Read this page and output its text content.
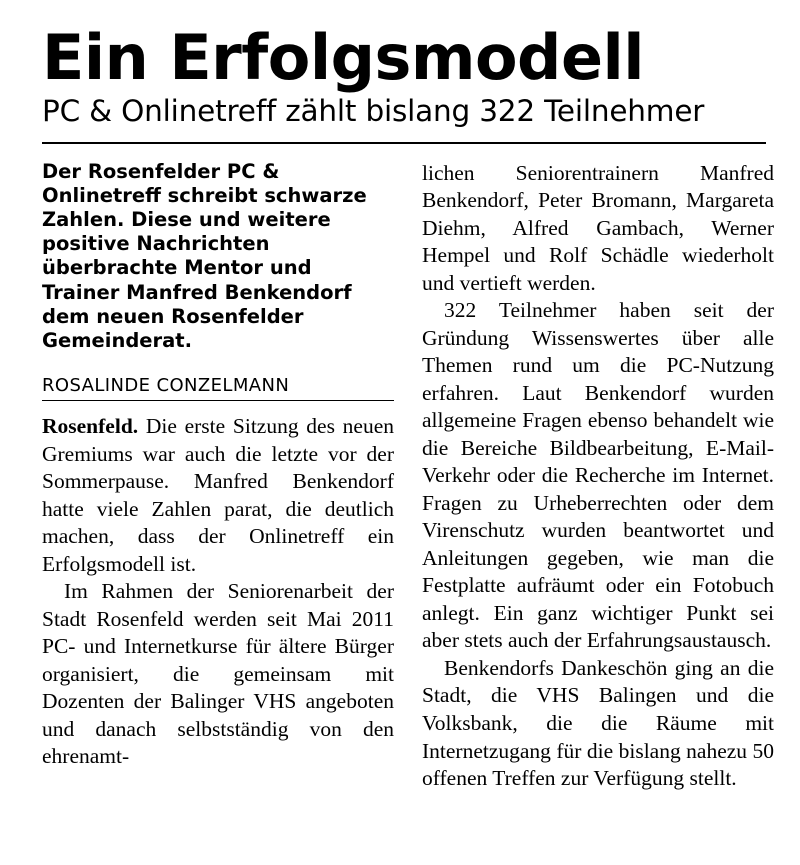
Ein Erfolgsmodell
PC & Onlinetreff zählt bislang 322 Teilnehmer

Der Rosenfelder PC & Onlinetreff schreibt schwarze Zahlen. Diese und weitere positive Nachrichten überbrachte Mentor und Trainer Manfred Benkendorf dem neuen Rosenfelder Gemeinderat.

ROSALINDE CONZELMANN

Rosenfeld. Die erste Sitzung des neuen Gremiums war auch die letzte vor der Sommerpause. Manfred Benkendorf hatte viele Zahlen parat, die deutlich machen, dass der Onlinetreff ein Erfolgsmodell ist.

Im Rahmen der Seniorenarbeit der Stadt Rosenfeld werden seit Mai 2011 PC- und Internetkurse für ältere Bürger organisiert, die gemeinsam mit Dozenten der Balinger VHS angeboten und danach selbstständig von den ehrenamt-

lichen Seniorentrainern Manfred Benkendorf, Peter Bromann, Margareta Diehm, Alfred Gambach, Werner Hempel und Rolf Schädle wiederholt und vertieft werden.

322 Teilnehmer haben seit der Gründung Wissenswertes über alle Themen rund um die PC-Nutzung erfahren. Laut Benkendorf wurden allgemeine Fragen ebenso behandelt wie die Bereiche Bildbearbeitung, E-Mail-Verkehr oder die Recherche im Internet. Fragen zu Urheberrechten oder dem Virenschutz wurden beantwortet und Anleitungen gegeben, wie man die Festplatte aufräumt oder ein Fotobuch anlegt. Ein ganz wichtiger Punkt sei aber stets auch der Erfahrungsaustausch.

Benkendorfs Dankeschön ging an die Stadt, die VHS Balingen und die Volksbank, die die Räume mit Internetzugang für die bislang nahezu 50 offenen Treffen zur Verfügung stellt.
